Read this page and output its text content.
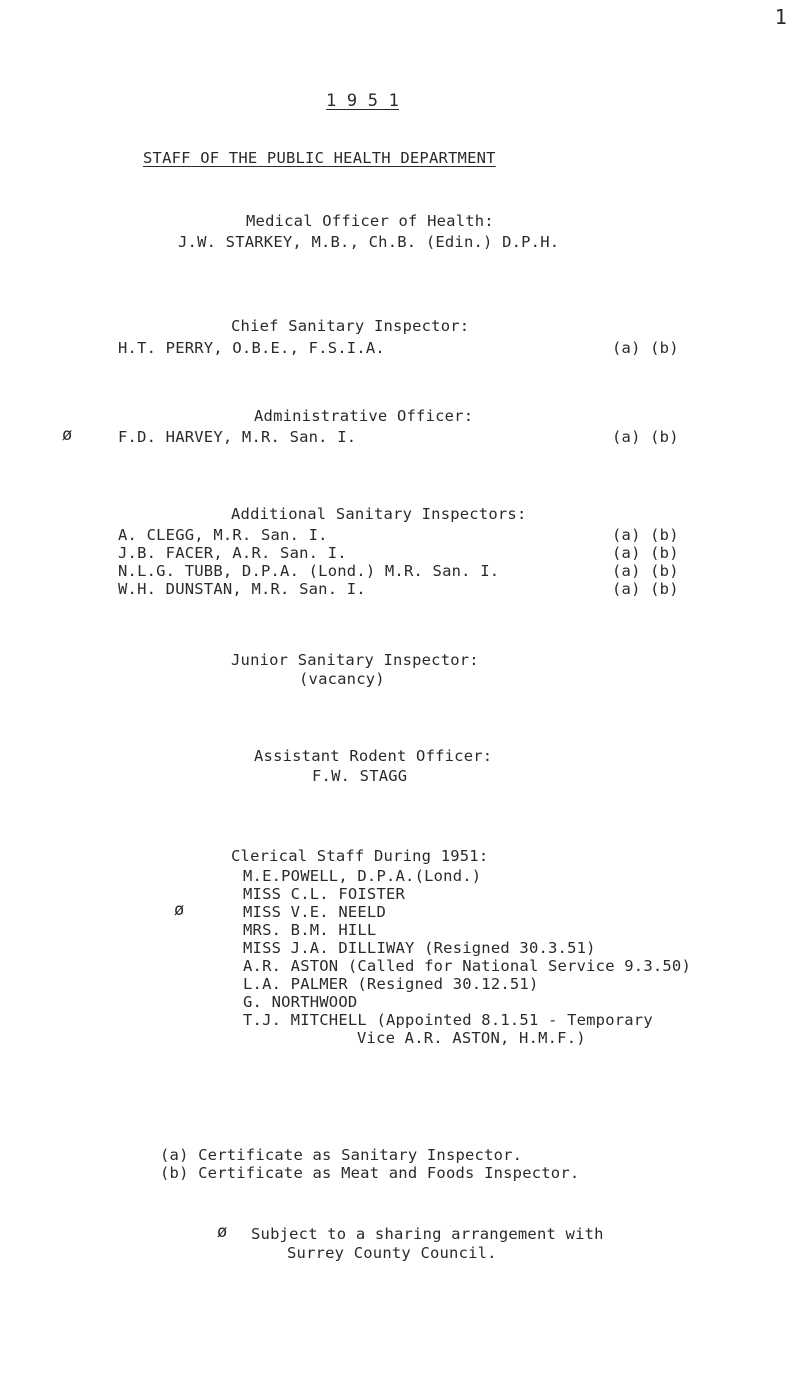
1
1 9 5 1
STAFF OF THE PUBLIC HEALTH DEPARTMENT
Medical Officer of Health:
J.W. STARKEY, M.B., Ch.B. (Edin.) D.P.H.
Chief Sanitary Inspector:
H.T. PERRY, O.B.E., F.S.I.A.	(a) (b)
Administrative Officer:
ø	F.D. HARVEY, M.R. San. I.	(a) (b)
Additional Sanitary Inspectors:
A. CLEGG, M.R. San. I.	(a) (b)
J.B. FACER, A.R. San. I.	(a) (b)
N.L.G. TUBB, D.P.A. (Lond.) M.R. San. I.	(a) (b)
W.H. DUNSTAN, M.R. San. I.	(a) (b)
Junior Sanitary Inspector:
(vacancy)
Assistant Rodent Officer:
F.W. STAGG
Clerical Staff During 1951:
M.E.POWELL, D.P.A.(Lond.)
MISS C.L. FOISTER
ø	MISS V.E. NEELD
MRS. B.M. HILL
MISS J.A. DILLIWAY (Resigned 30.3.51)
A.R. ASTON (Called for National Service 9.3.50)
L.A. PALMER (Resigned 30.12.51)
G. NORTHWOOD
T.J. MITCHELL (Appointed 8.1.51 - Temporary
Vice A.R. ASTON, H.M.F.)
(a) Certificate as Sanitary Inspector.
(b) Certificate as Meat and Foods Inspector.
ø Subject to a sharing arrangement with
Surrey County Council.
